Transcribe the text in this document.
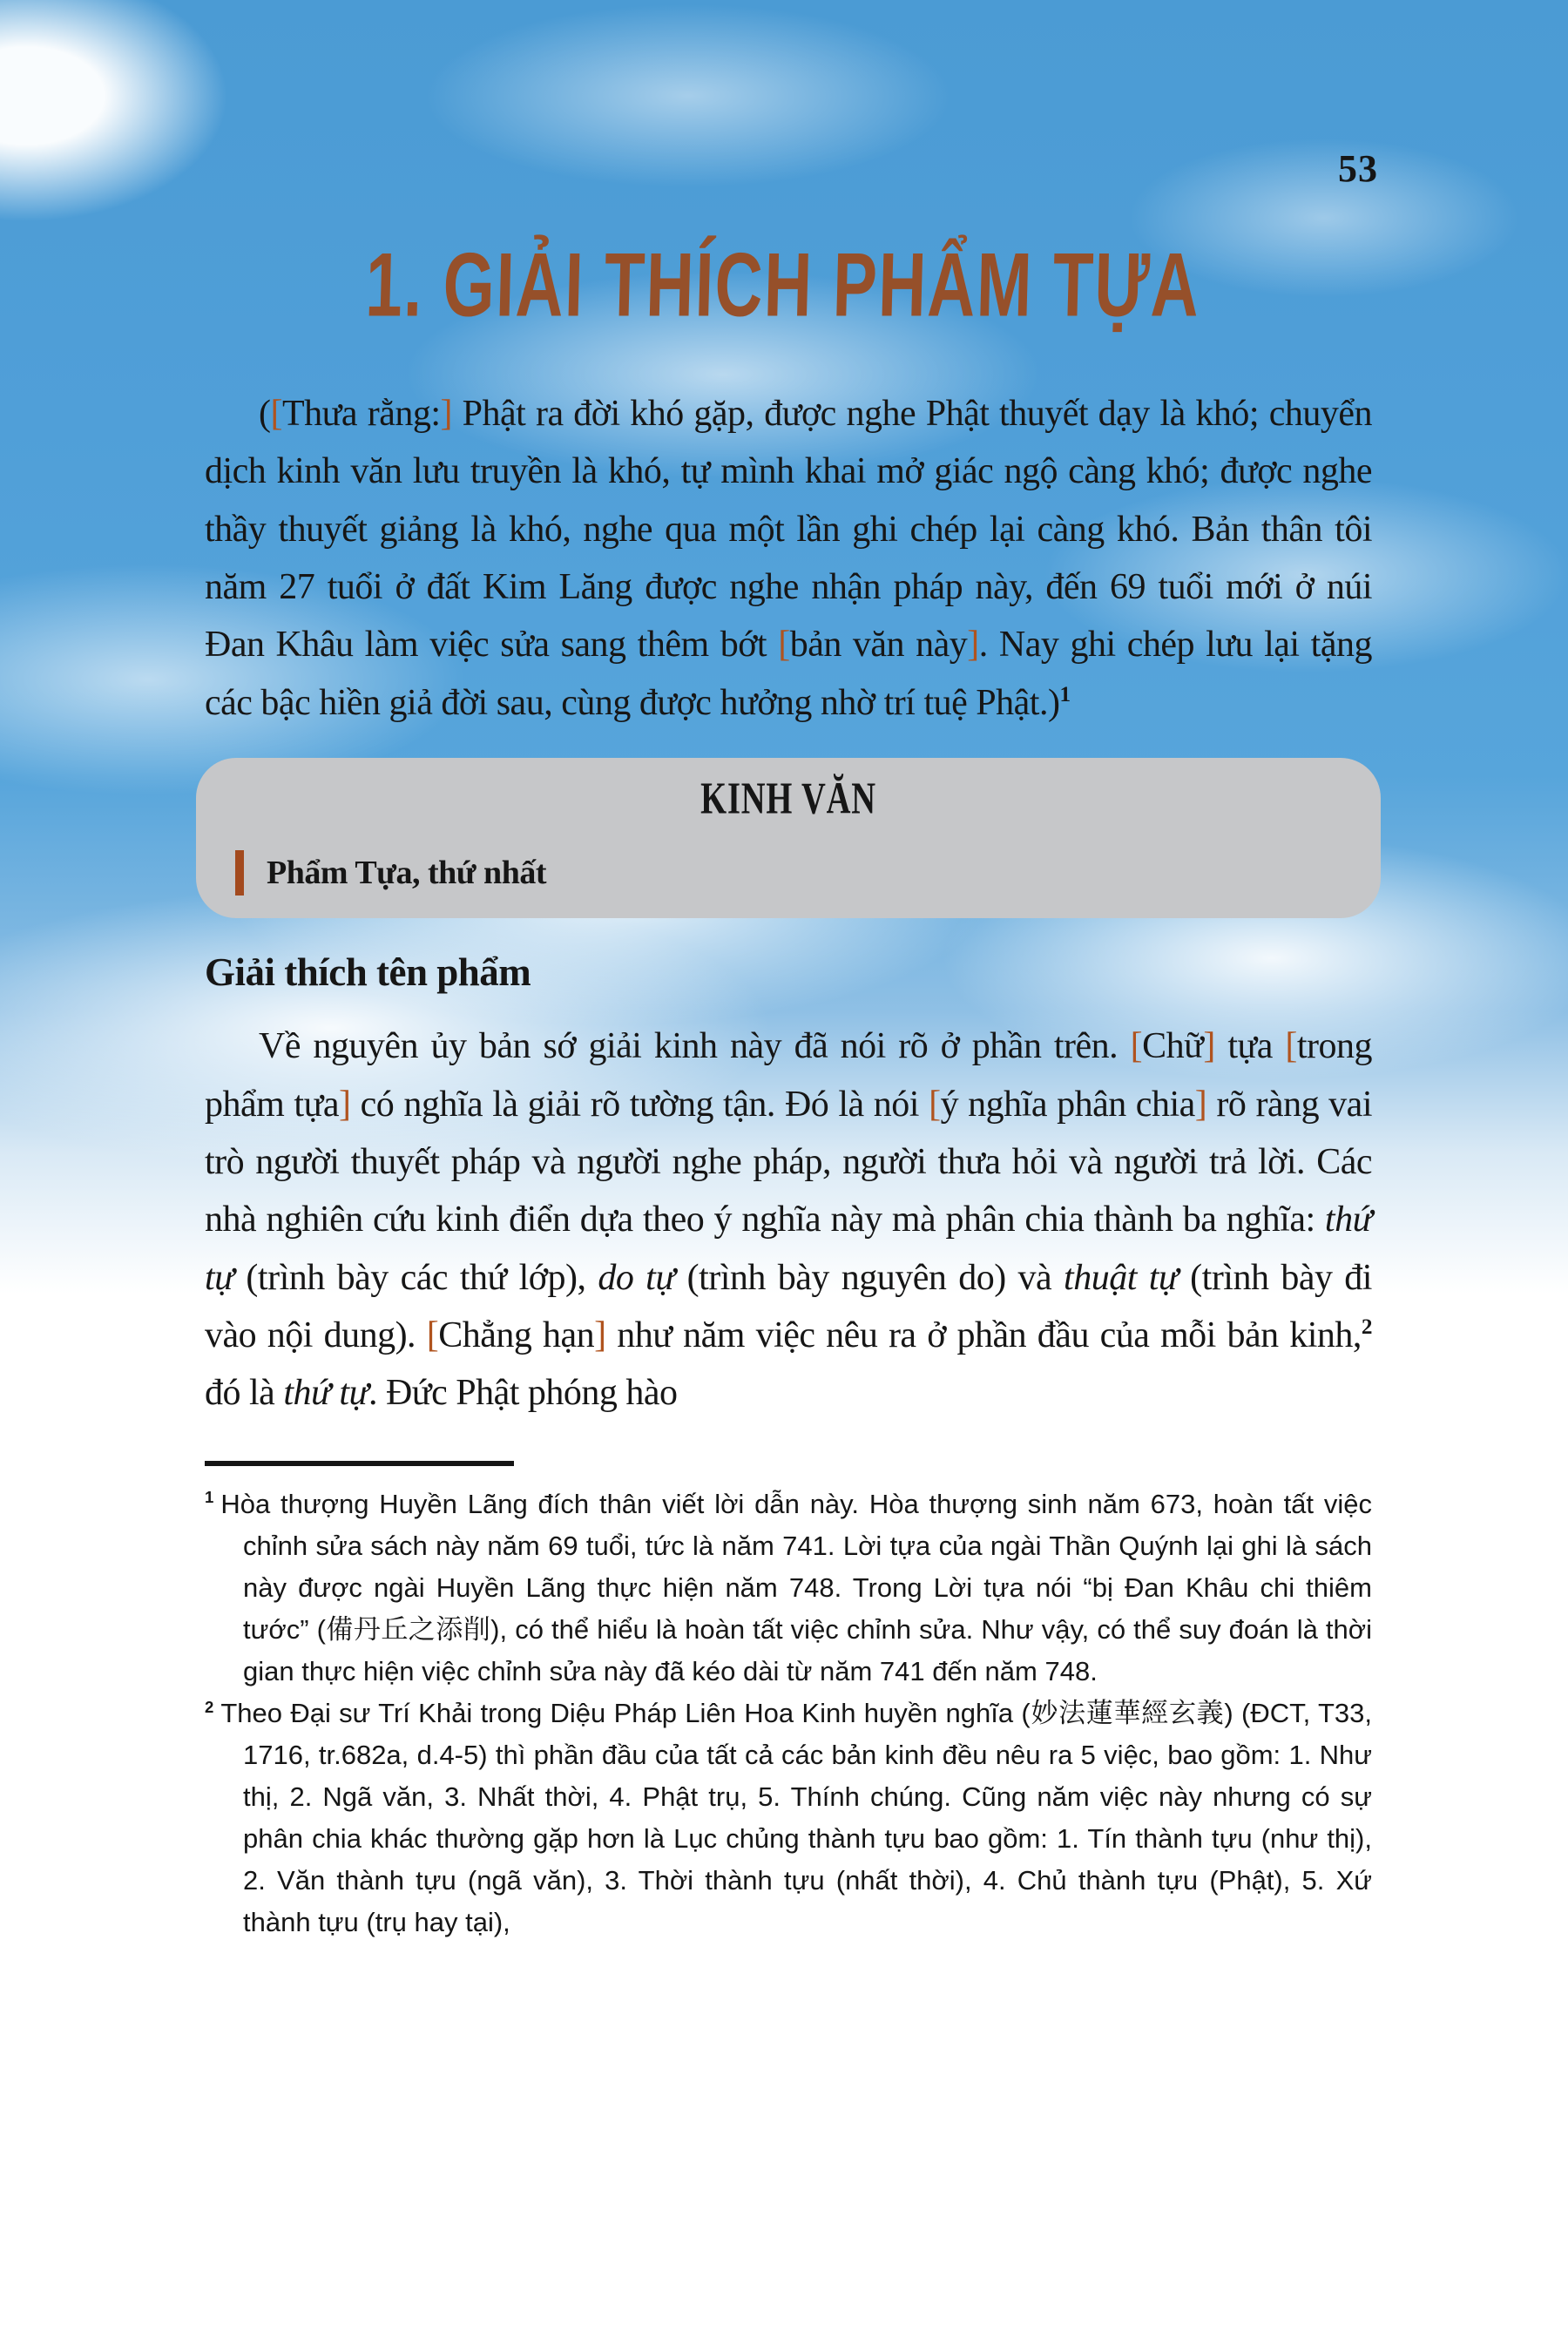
53
1. GIẢI THÍCH PHẨM TỰA

([Thưa rằng:] Phật ra đời khó gặp, được nghe Phật thuyết dạy là khó; chuyển dịch kinh văn lưu truyền là khó, tự mình khai mở giác ngộ càng khó; được nghe thầy thuyết giảng là khó, nghe qua một lần ghi chép lại càng khó. Bản thân tôi năm 27 tuổi ở đất Kim Lăng được nghe nhận pháp này, đến 69 tuổi mới ở núi Đan Khâu làm việc sửa sang thêm bớt [bản văn này]. Nay ghi chép lưu lại tặng các bậc hiền giả đời sau, cùng được hưởng nhờ trí tuệ Phật.)$^1$

KINH VĂN
Phẩm Tựa, thứ nhất
Giải thích tên phẩm

Về nguyên ủy bản sớ giải kinh này đã nói rõ ở phần trên. [Chữ] tựa [trong phẩm tựa] có nghĩa là giải rõ tường tận. Đó là nói [ý nghĩa phân chia] rõ ràng vai trò người thuyết pháp và người nghe pháp, người thưa hỏi và người trả lời. Các nhà nghiên cứu kinh điển dựa theo ý nghĩa này mà phân chia thành ba nghĩa: thứ tự (trình bày các thứ lớp), do tự (trình bày nguyên do) và thuật tự (trình bày đi vào nội dung). [Chẳng hạn] như năm việc nêu ra ở phần đầu của mỗi bản kinh,$^2$ đó là thứ tự. Đức Phật phóng hào

$^1$ Hòa thượng Huyền Lãng đích thân viết lời dẫn này. Hòa thượng sinh năm 673, hoàn tất việc chỉnh sửa sách này năm 69 tuổi, tức là năm 741. Lời tựa của ngài Thần Quýnh lại ghi là sách này được ngài Huyền Lãng thực hiện năm 748. Trong Lời tựa nói “bị Đan Khâu chi thiêm tước” (備丹丘之添削), có thể hiểu là hoàn tất việc chỉnh sửa. Như vậy, có thể suy đoán là thời gian thực hiện việc chỉnh sửa này đã kéo dài từ năm 741 đến năm 748.

$^2$ Theo Đại sư Trí Khải trong Diệu Pháp Liên Hoa Kinh huyền nghĩa (妙法蓮華經玄義) (ĐCT, T33, 1716, tr.682a, d.4-5) thì phần đầu của tất cả các bản kinh đều nêu ra 5 việc, bao gồm: 1. Như thị, 2. Ngã văn, 3. Nhất thời, 4. Phật trụ, 5. Thính chúng. Cũng năm việc này nhưng có sự phân chia khác thường gặp hơn là Lục chủng thành tựu bao gồm: 1. Tín thành tựu (như thị), 2. Văn thành tựu (ngã văn), 3. Thời thành tựu (nhất thời), 4. Chủ thành tựu (Phật), 5. Xứ thành tựu (trụ hay tại),
